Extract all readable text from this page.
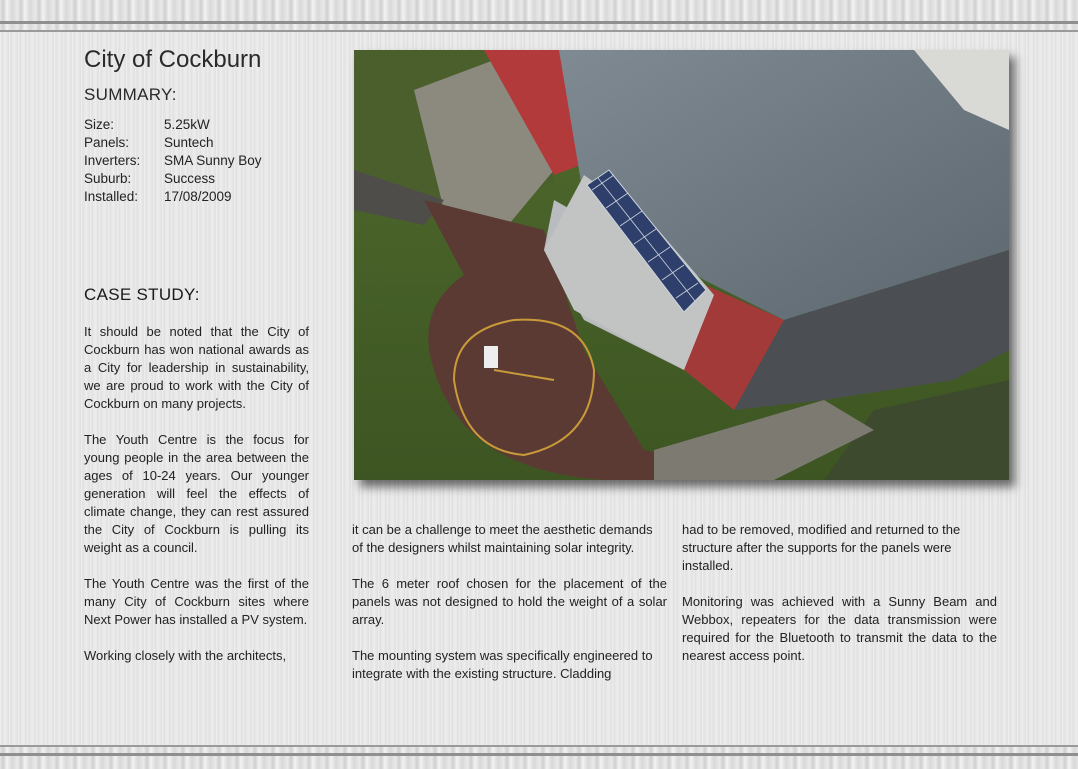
City of Cockburn
SUMMARY:
Size:	5.25kW
Panels:	Suntech
Inverters:	SMA Sunny Boy
Suburb:	Success
Installed:	17/08/2009
CASE STUDY:

It should be noted that the City of Cockburn has won national awards as a City for leadership in sustainability, we are proud to work with the City of Cockburn on many projects.

The Youth Centre is the focus for young people in the area between the ages of 10-24 years. Our younger generation will feel the effects of climate change, they can rest assured the City of Cockburn is pulling its weight as a council.

The Youth Centre was the first of the many City of Cockburn sites where Next Power has installed a PV system.

Working closely with the architects,

it can be a challenge to meet the aesthetic demands of the designers whilst maintaining solar integrity.

The 6 meter roof chosen for the placement of the panels was not designed to hold the weight of a solar array.

The mounting system was specifically engineered to integrate with the existing structure. Cladding

had to be removed, modified and returned to the structure after the supports for the panels were installed.

Monitoring was achieved with a Sunny Beam and Webbox, repeaters for the data transmission were required for the Bluetooth to transmit the data to the nearest access point.
